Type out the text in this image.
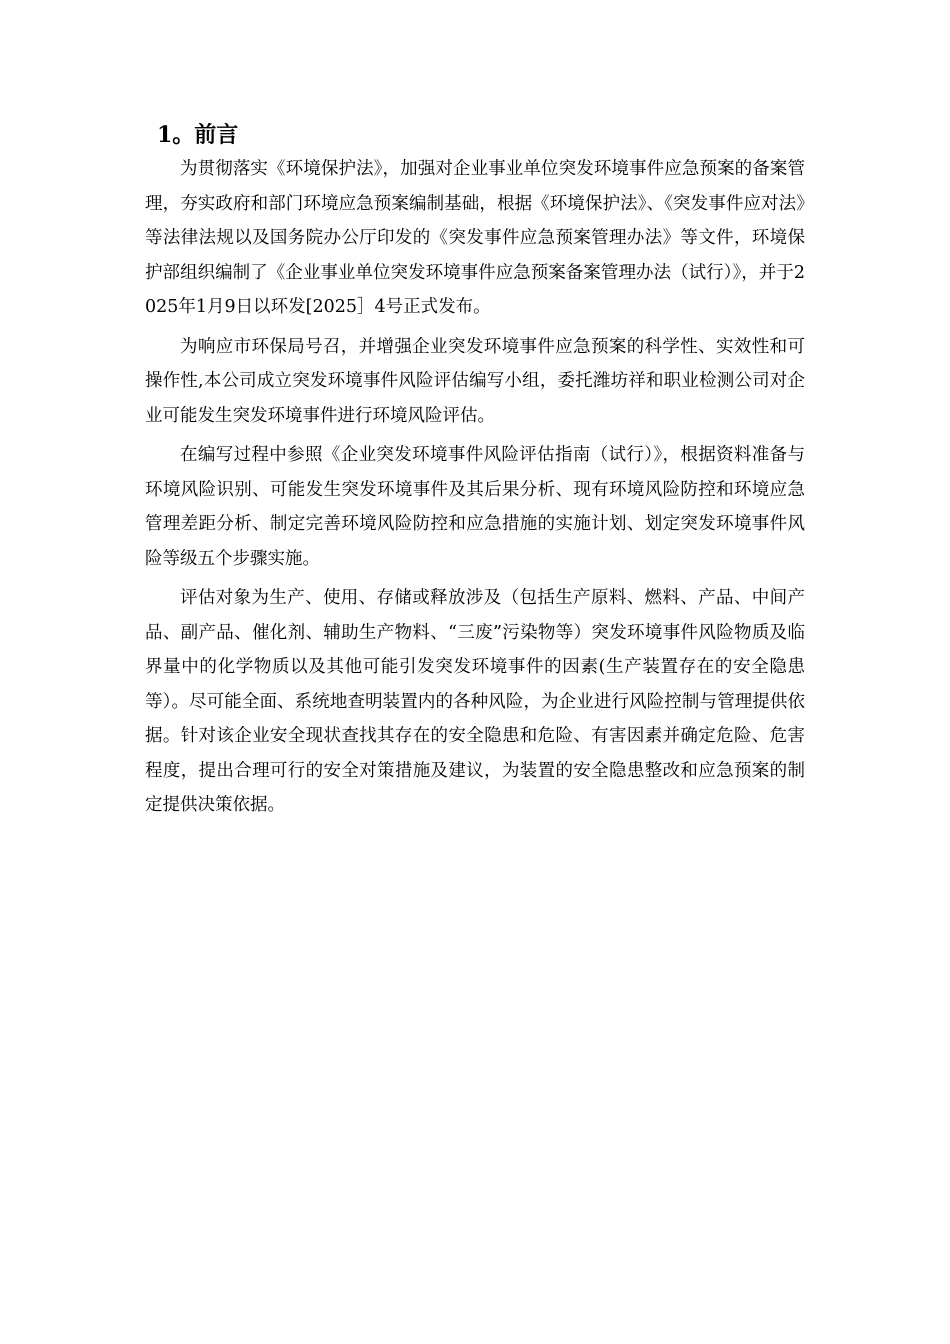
1。前言

为贯彻落实《环境保护法》，加强对企业事业单位突发环境事件应急预案的备案管理，夯实政府和部门环境应急预案编制基础，根据《环境保护法》、《突发事件应对法》等法律法规以及国务院办公厅印发的《突发事件应急预案管理办法》等文件，环境保护部组织编制了《企业事业单位突发环境事件应急预案备案管理办法（试行）》，并于2025年1月9日以环发[2025］4号正式发布。

为响应市环保局号召，并增强企业突发环境事件应急预案的科学性、实效性和可操作性,本公司成立突发环境事件风险评估编写小组，委托潍坊祥和职业检测公司对企业可能发生突发环境事件进行环境风险评估。

在编写过程中参照《企业突发环境事件风险评估指南（试行）》，根据资料准备与环境风险识别、可能发生突发环境事件及其后果分析、现有环境风险防控和环境应急管理差距分析、制定完善环境风险防控和应急措施的实施计划、划定突发环境事件风险等级五个步骤实施。

评估对象为生产、使用、存储或释放涉及（包括生产原料、燃料、产品、中间产品、副产品、催化剂、辅助生产物料、“三废”污染物等）突发环境事件风险物质及临界量中的化学物质以及其他可能引发突发环境事件的因素(生产装置存在的安全隐患等）。尽可能全面、系统地查明装置内的各种风险，为企业进行风险控制与管理提供依据。针对该企业安全现状查找其存在的安全隐患和危险、有害因素并确定危险、危害程度，提出合理可行的安全对策措施及建议，为装置的安全隐患整改和应急预案的制定提供决策依据。
